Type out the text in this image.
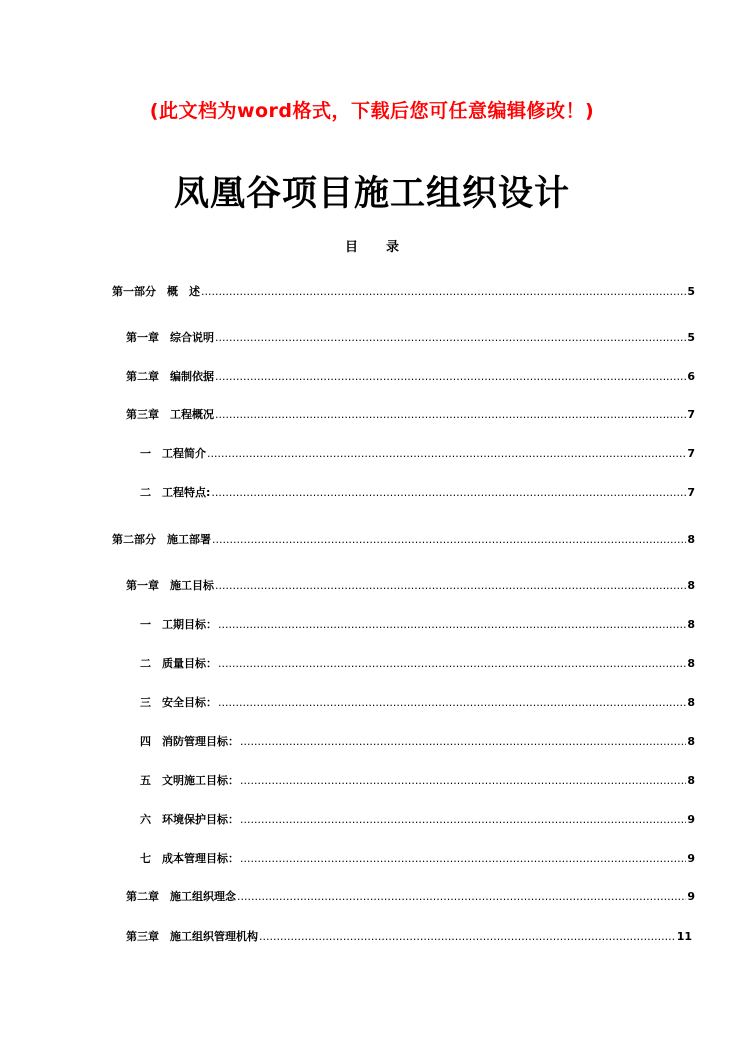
(此文档为word格式，下载后您可任意编辑修改！)
凤凰谷项目施工组织设计
目录
第一部分　概　述 .....	5
第一章　综合说明 .....	5
第二章　编制依据 .....	6
第三章　工程概况 .....	7
一　工程简介 .....	7
二　工程特点: .....	7
第二部分　施工部署 .....	8
第一章　施工目标 .....	8
一　工期目标： .....	8
二　质量目标： .....	8
三　安全目标： .....	8
四　消防管理目标： .....	8
五　文明施工目标： .....	8
六　环境保护目标： .....	9
七　成本管理目标： .....	9
第二章　施工组织理念 .....	9
第三章　施工组织管理机构 .....	11
